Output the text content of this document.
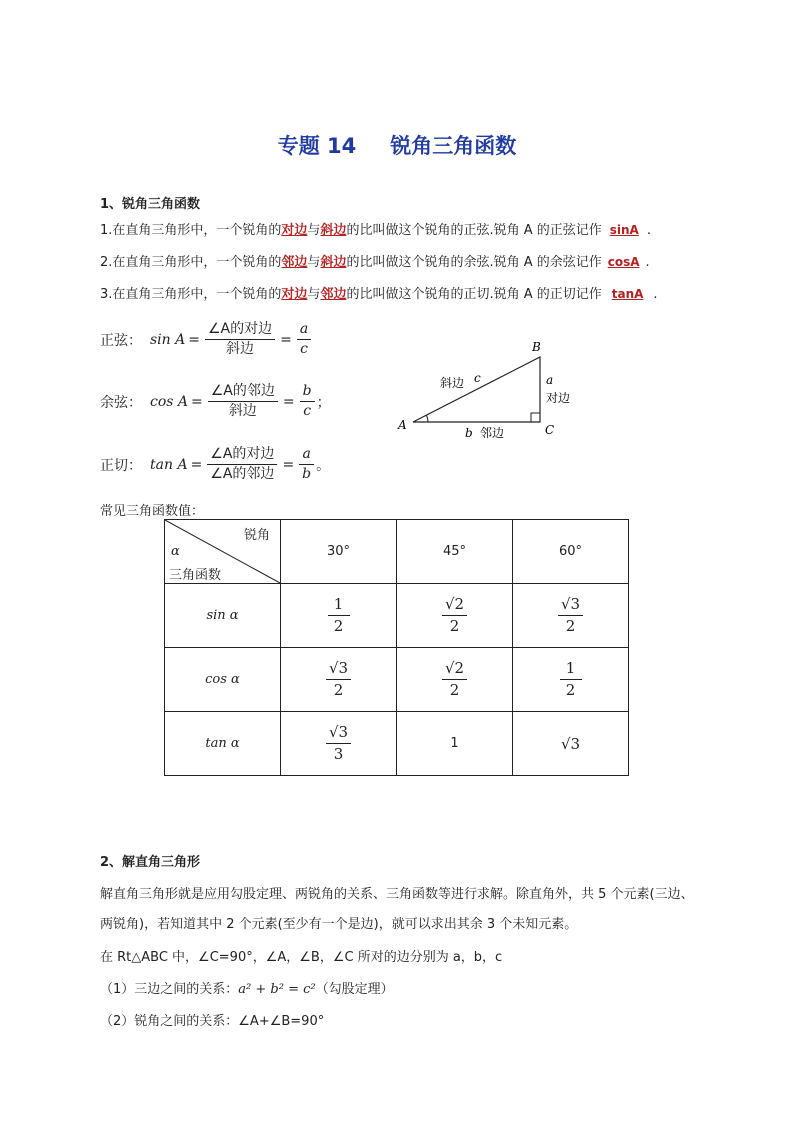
专题 14 锐角三角函数
1、锐角三角函数
1.在直角三角形中，一个锐角的对边与斜边的比叫做这个锐角的正弦.锐角 A 的正弦记作 sinA .
2.在直角三角形中，一个锐角的邻边与斜边的比叫做这个锐角的余弦.锐角 A 的余弦记作 cosA .
3.在直角三角形中，一个锐角的对边与邻边的比叫做这个锐角的正切.锐角 A 的正切记作 tanA .
正弦： $\sin A = \frac{\text{∠A的对边}}{\text{斜边}} = \frac{a}{c}$
余弦： $\cos A = \frac{\text{∠A的邻边}}{\text{斜边}} = \frac{b}{c}$ ；
正切： $\tan A = \frac{\text{∠A的对边}}{\text{∠A的邻边}} = \frac{a}{b}$ 。
A
B
C
斜边 c	a
对边
b 邻边
常见三角函数值：
锐角
α
三角函数	30°	45°	60°
sin α	$\frac{1}{2}$	$\frac{√2}{2}$	$\frac{√3}{2}$

cos α	$\frac{√3}{2}$	$\frac{√2}{2}$	$\frac{1}{2}$

tan α	$\frac{√3}{3}$	1	√3
2、解直角三角形
解直角三角形就是应用勾股定理、两锐角的关系、三角函数等进行求解。除直角外，共 5 个元素(三边、
两锐角)，若知道其中 2 个元素(至少有一个是边)，就可以求出其余 3 个未知元素。
在 Rt△ABC 中，∠C=90°，∠A，∠B，∠C 所对的边分别为 a，b，c
（1）三边之间的关系：a² + b² = c²（勾股定理）
（2）锐角之间的关系：∠A+∠B=90°
